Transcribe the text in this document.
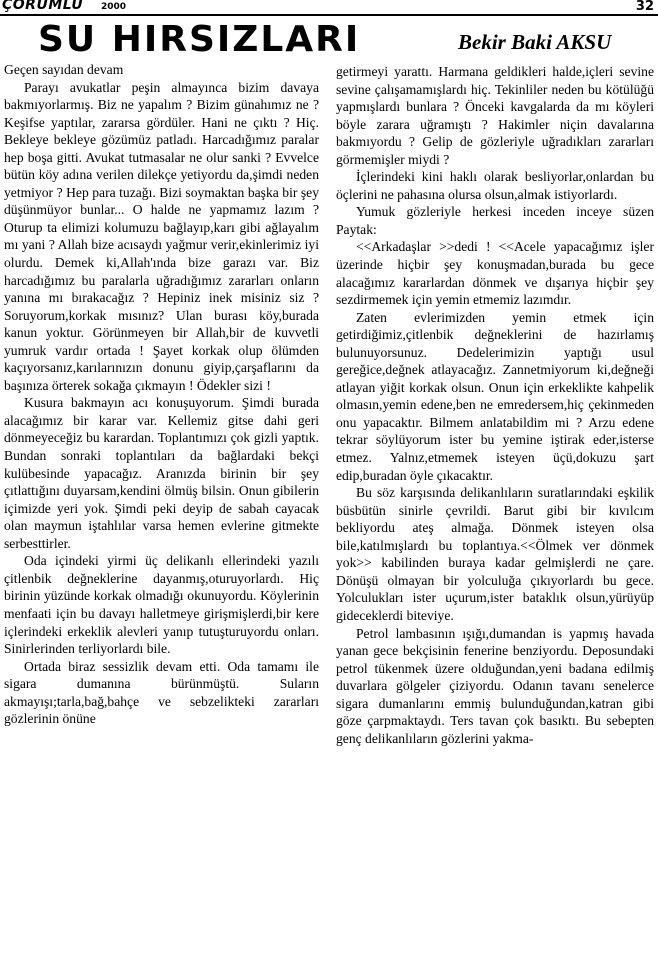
ÇORUMLU 2000	32
SU HIRSIZLARI	Bekir Baki AKSU

Geçen sayıdan devam

Parayı avukatlar peşin almayınca bizim davaya bakmıyorlarmış. Biz ne yapalım ? Bizim günahımız ne ? Keşifse yaptılar, zararsa gördüler. Hani ne çıktı ? Hiç. Bekleye bekleye gözümüz patladı. Harcadığımız paralar hep boşa gitti. Avukat tutmasalar ne olur sanki ? Evvelce bütün köy adına verilen dilekçe yetiyordu da,şimdi neden yetmiyor ? Hep para tuzağı. Bizi soymaktan başka bir şey düşünmüyor bunlar... O halde ne yapmamız lazım ? Oturup ta elimizi kolumuzu bağlayıp,karı gibi ağlayalım mı yani ? Allah bize acısaydı yağmur verir,ekinlerimiz iyi olurdu. Demek ki,Allah'ında bize garazı var. Biz harcadığımız bu paralarla uğradığımız zararları onların yanına mı bırakacağız ? Hepiniz inek misiniz siz ? Soruyorum,korkak mısınız? Ulan burası köy,burada kanun yoktur. Görünmeyen bir Allah,bir de kuvvetli yumruk vardır ortada ! Şayet korkak olup ölümden kaçıyorsanız,karılarınızın donunu giyip,çarşaflarını da başınıza örterek sokağa çıkmayın ! Ödekler sizi !

Kusura bakmayın acı konuşuyorum. Şimdi burada alacağımız bir karar var. Kellemiz gitse dahi geri dönmeyeceğiz bu karardan. Toplantımızı çok gizli yaptık. Bundan sonraki toplantıları da bağlardaki bekçi kulübesinde yapacağız. Aranızda birinin bir şey çıtlattığını duyarsam,kendini ölmüş bilsin. Onun gibilerin içimizde yeri yok. Şimdi peki deyip de sabah cayacak olan maymun iştahlılar varsa hemen evlerine gitmekte serbesttirler.

Oda içindeki yirmi üç delikanlı ellerindeki yazılı çitlenbik değneklerine dayanmış,oturuyorlardı. Hiç birinin yüzünde korkak olmadığı okunuyordu. Köylerinin menfaati için bu davayı halletmeye girişmişlerdi,bir kere içlerindeki erkeklik alevleri yanıp tutuşturuyordu onları. Sinirlerinden terliyorlardı bile.

Ortada biraz sessizlik devam etti. Oda tamamı ile sigara dumanına bürünmüştü. Suların akmayışı;tarla,bağ,bahçe ve sebzelikteki zararları gözlerinin önüne

getirmeyi yarattı. Harmana geldikleri halde,içleri sevine sevine çalışamamışlardı hiç. Tekinliler neden bu kötülüğü yapmışlardı bunlara ? Önceki kavgalarda da mı köyleri böyle zarara uğramıştı ? Hakimler niçin davalarına bakmıyordu ? Gelip de gözleriyle uğradıkları zararları görmemişler miydi ?

İçlerindeki kini haklı olarak besliyorlar,onlardan bu öçlerini ne pahasına olursa olsun,almak istiyorlardı.

Yumuk gözleriyle herkesi inceden inceye süzen Paytak:

<<Arkadaşlar >>dedi ! <<Acele yapacağımız işler üzerinde hiçbir şey konuşmadan,burada bu gece alacağımız kararlardan dönmek ve dışarıya hiçbir şey sezdirmemek için yemin etmemiz lazımdır.

Zaten evlerimizden yemin etmek için getirdiğimiz,çitlenbik değneklerini de hazırlamış bulunuyorsunuz. Dedelerimizin yaptığı usul gereğice,değnek atlayacağız. Zannetmiyorum ki,değneği atlayan yiğit korkak olsun. Onun için erkeklikte kahpelik olmasın,yemin edene,ben ne emredersem,hiç çekinmeden onu yapacaktır. Bilmem anlatabildim mi ? Arzu edene tekrar söylüyorum ister bu yemine iştirak eder,isterse etmez. Yalnız,etmemek isteyen üçü,dokuzu şart edip,buradan öyle çıkacaktır.

Bu söz karşısında delikanlıların suratlarındaki eşkilik büsbütün sinirle çevrildi. Barut gibi bir kıvılcım bekliyordu ateş almağa. Dönmek isteyen olsa bile,katılmışlardı bu toplantıya.<<Ölmek ver dönmek yok>> kabilinden buraya kadar gelmişlerdi ne çare. Dönüşü olmayan bir yolculuğa çıkıyorlardı bu gece. Yolculukları ister uçurum,ister bataklık olsun,yürüyüp gideceklerdi biteviye.

Petrol lambasının ışığı,dumandan is yapmış havada yanan gece bekçisinin fenerine benziyordu. Deposundaki petrol tükenmek üzere olduğundan,yeni badana edilmiş duvarlara gölgeler çiziyordu. Odanın tavanı senelerce sigara dumanlarını emmiş bulunduğundan,katran gibi göze çarpmaktaydı. Ters tavan çok basıktı. Bu sebepten genç delikanlıların gözlerini yakma-
